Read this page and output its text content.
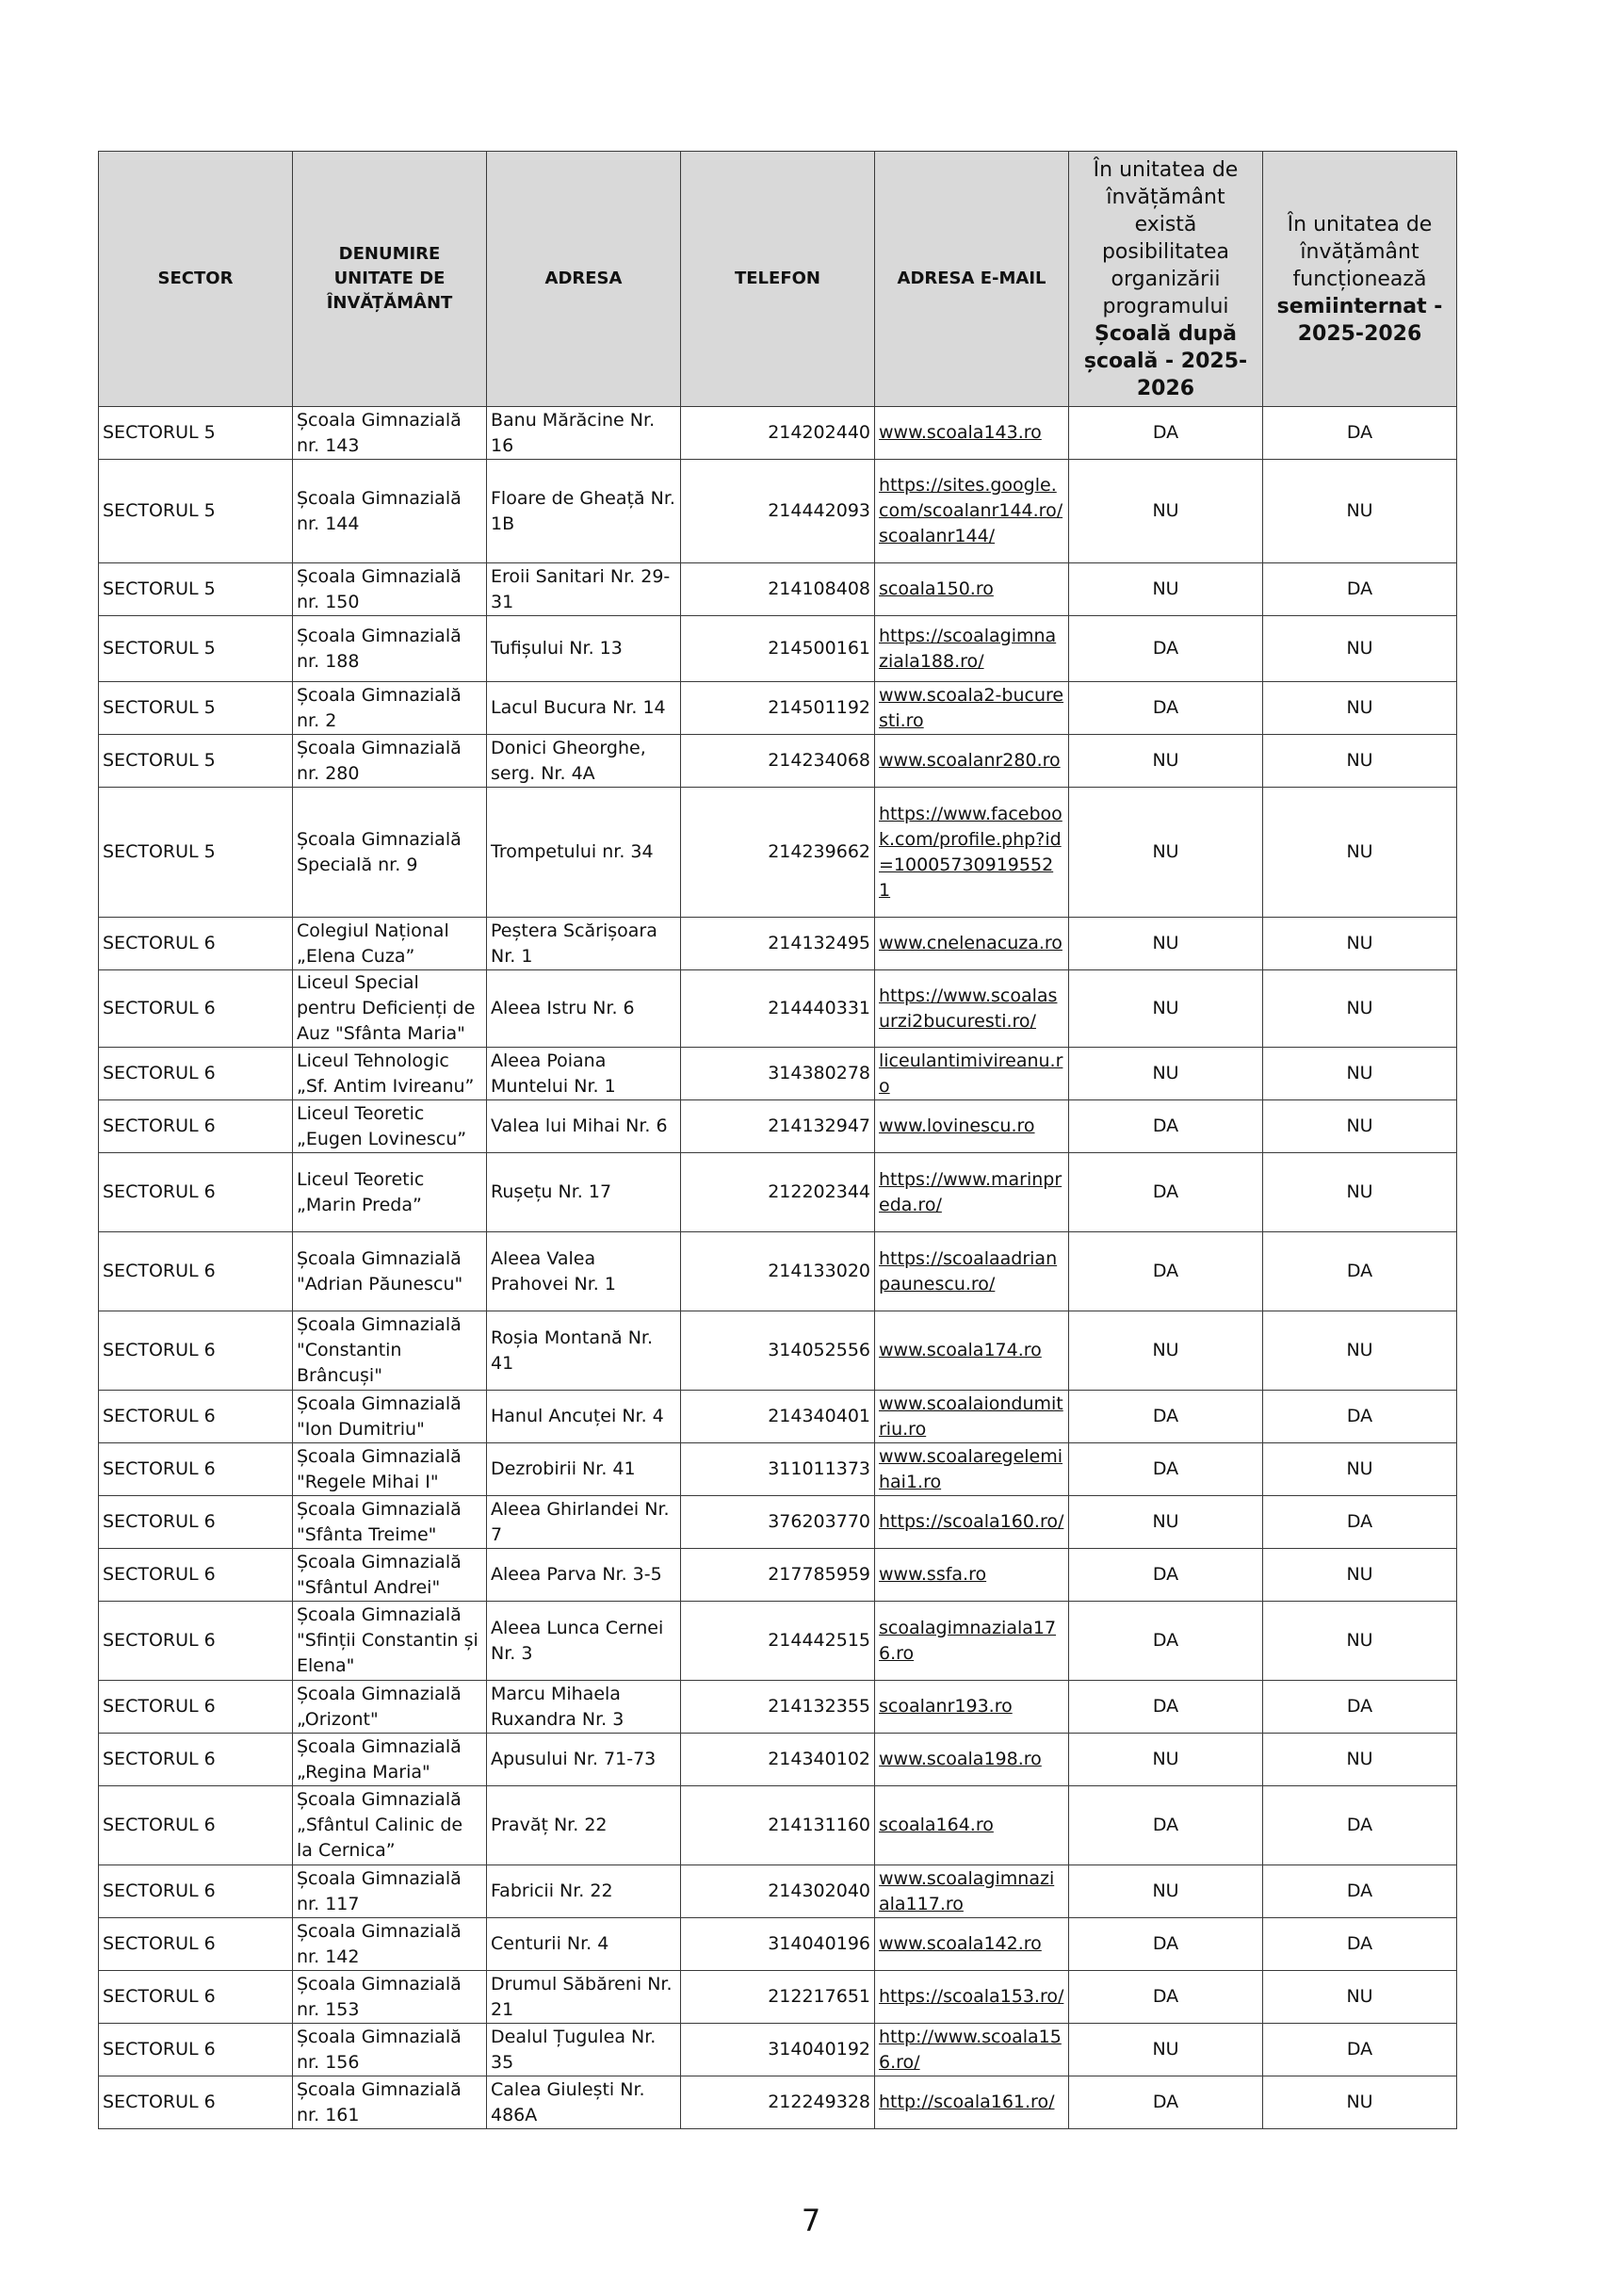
SECTOR	DENUMIRE UNITATE DE ÎNVĂȚĂMÂNT	ADRESA	TELEFON	ADRESA E-MAIL	În unitatea de învățământ există posibilitatea organizării programului Școală după școală - 2025-2026	În unitatea de învățământ funcționează semiinternat - 2025-2026
SECTORUL 5	Școala Gimnazială nr. 143	Banu Mărăcine Nr. 16	214202440	www.scoala143.ro	DA	DA
SECTORUL 5	Școala Gimnazială nr. 144	Floare de Gheață Nr. 1B	214442093	https://sites.google.com/scoalanr144.ro/scoalanr144/	NU	NU
SECTORUL 5	Școala Gimnazială nr. 150	Eroii Sanitari Nr. 29-31	214108408	scoala150.ro	NU	DA
SECTORUL 5	Școala Gimnazială nr. 188	Tufișului Nr. 13	214500161	https://scoalagimnaziala188.ro/	DA	NU
SECTORUL 5	Școala Gimnazială nr. 2	Lacul Bucura Nr. 14	214501192	www.scoala2-bucuresti.ro	DA	NU
SECTORUL 5	Școala Gimnazială nr. 280	Donici Gheorghe, serg. Nr. 4A	214234068	www.scoalanr280.ro	NU	NU
SECTORUL 5	Școala Gimnazială Specială nr. 9	Trompetului nr. 34	214239662	https://www.facebook.com/profile.php?id=100057309195521	NU	NU
SECTORUL 6	Colegiul Național „Elena Cuza”	Peștera Scărișoara Nr. 1	214132495	www.cnelenacuza.ro	NU	NU
SECTORUL 6	Liceul Special pentru Deficienți de Auz "Sfânta Maria"	Aleea Istru Nr. 6	214440331	https://www.scoalasurzi2bucuresti.ro/	NU	NU
SECTORUL 6	Liceul Tehnologic „Sf. Antim Ivireanu”	Aleea Poiana Muntelui Nr. 1	314380278	liceulantimivireanu.ro	NU	NU
SECTORUL 6	Liceul Teoretic „Eugen Lovinescu”	Valea lui Mihai Nr. 6	214132947	www.lovinescu.ro	DA	NU
SECTORUL 6	Liceul Teoretic „Marin Preda”	Rușețu Nr. 17	212202344	https://www.marinpreda.ro/	DA	NU
SECTORUL 6	Școala Gimnazială "Adrian Păunescu"	Aleea Valea Prahovei Nr. 1	214133020	https://scoalaadrianpaunescu.ro/	DA	DA
SECTORUL 6	Școala Gimnazială "Constantin Brâncuși"	Roșia Montană Nr. 41	314052556	www.scoala174.ro	NU	NU
SECTORUL 6	Școala Gimnazială "Ion Dumitriu"	Hanul Ancuței Nr. 4	214340401	www.scoalaiondumitriu.ro	DA	DA
SECTORUL 6	Școala Gimnazială "Regele Mihai I"	Dezrobirii Nr. 41	311011373	www.scoalaregelemihai1.ro	DA	NU
SECTORUL 6	Școala Gimnazială "Sfânta Treime"	Aleea Ghirlandei Nr. 7	376203770	https://scoala160.ro/	NU	DA
SECTORUL 6	Școala Gimnazială "Sfântul Andrei"	Aleea Parva Nr. 3-5	217785959	www.ssfa.ro	DA	NU
SECTORUL 6	Școala Gimnazială "Sfinții Constantin și Elena"	Aleea Lunca Cernei Nr. 3	214442515	scoalagimnaziala176.ro	DA	NU
SECTORUL 6	Școala Gimnazială „Orizont"	Marcu Mihaela Ruxandra Nr. 3	214132355	scoalanr193.ro	DA	DA
SECTORUL 6	Școala Gimnazială „Regina Maria"	Apusului Nr. 71-73	214340102	www.scoala198.ro	NU	NU
SECTORUL 6	Școala Gimnazială „Sfântul Calinic de la Cernica”	Pravăț Nr. 22	214131160	scoala164.ro	DA	DA
SECTORUL 6	Școala Gimnazială nr. 117	Fabricii Nr. 22	214302040	www.scoalagimnaziala117.ro	NU	DA
SECTORUL 6	Școala Gimnazială nr. 142	Centurii Nr. 4	314040196	www.scoala142.ro	DA	DA
SECTORUL 6	Școala Gimnazială nr. 153	Drumul Săbăreni Nr. 21	212217651	https://scoala153.ro/	DA	NU
SECTORUL 6	Școala Gimnazială nr. 156	Dealul Țugulea Nr. 35	314040192	http://www.scoala156.ro/	NU	DA
SECTORUL 6	Școala Gimnazială nr. 161	Calea Giulești Nr. 486A	212249328	http://scoala161.ro/	DA	NU
7
